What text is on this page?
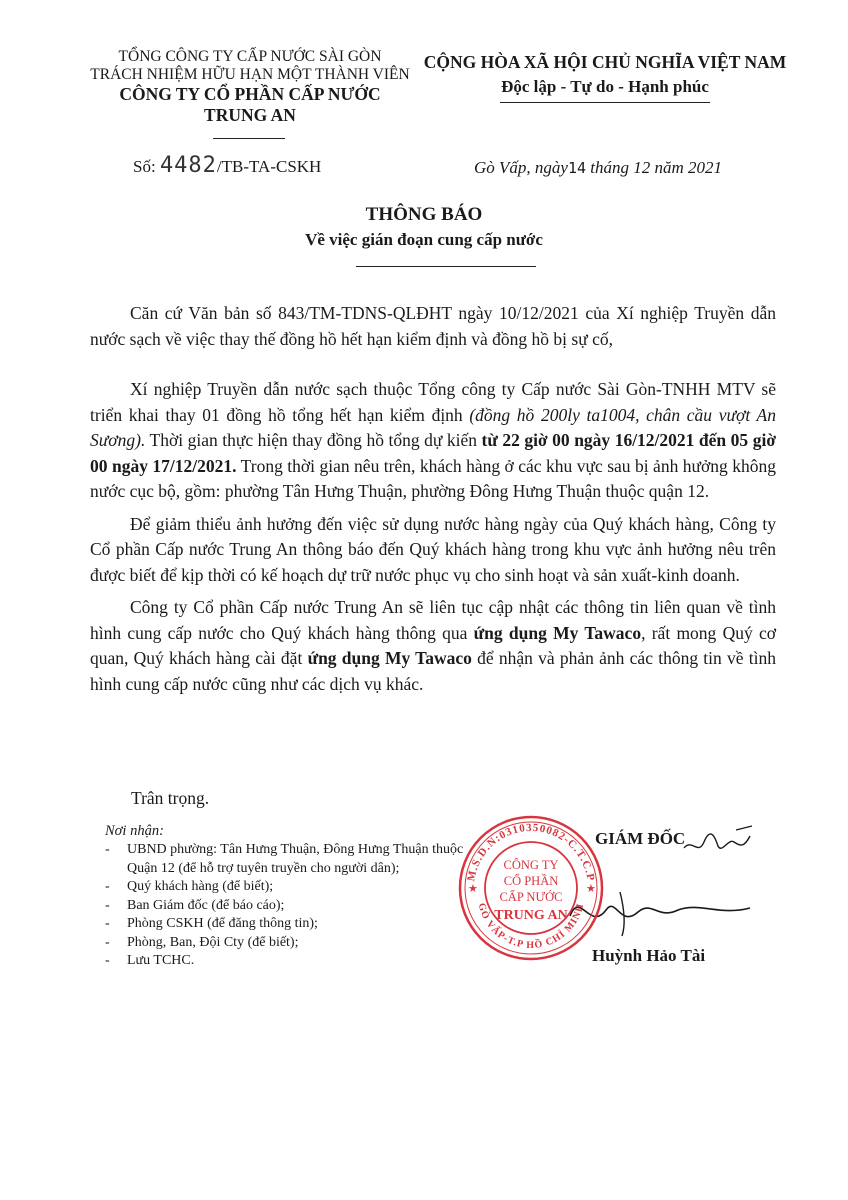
TỔNG CÔNG TY CẤP NƯỚC SÀI GÒN
TRÁCH NHIỆM HỮU HẠN MỘT THÀNH VIÊN
CÔNG TY CỔ PHẦN CẤP NƯỚC
TRUNG AN
CỘNG HÒA XÃ HỘI CHỦ NGHĨA VIỆT NAM
Độc lập - Tự do - Hạnh phúc
Số: 4482/TB-TA-CSKH	Gò Vấp, ngày14 tháng 12 năm 2021
THÔNG BÁO
Về việc gián đoạn cung cấp nước

Căn cứ Văn bản số 843/TM-TDNS-QLĐHT ngày 10/12/2021 của Xí nghiệp Truyền dẫn nước sạch về việc thay thế đồng hồ hết hạn kiểm định và đồng hồ bị sự cố,

Xí nghiệp Truyền dẫn nước sạch thuộc Tổng công ty Cấp nước Sài Gòn-TNHH MTV sẽ triển khai thay 01 đồng hồ tổng hết hạn kiểm định (đồng hồ 200ly ta1004, chân cầu vượt An Sương). Thời gian thực hiện thay đồng hồ tổng dự kiến từ 22 giờ 00 ngày 16/12/2021 đến 05 giờ 00 ngày 17/12/2021. Trong thời gian nêu trên, khách hàng ở các khu vực sau bị ảnh hưởng không nước cục bộ, gồm: phường Tân Hưng Thuận, phường Đông Hưng Thuận thuộc quận 12.

Để giảm thiểu ảnh hưởng đến việc sử dụng nước hàng ngày của Quý khách hàng, Công ty Cổ phần Cấp nước Trung An thông báo đến Quý khách hàng trong khu vực ảnh hưởng nêu trên được biết để kịp thời có kế hoạch dự trữ nước phục vụ cho sinh hoạt và sản xuất-kinh doanh.

Công ty Cổ phần Cấp nước Trung An sẽ liên tục cập nhật các thông tin liên quan về tình hình cung cấp nước cho Quý khách hàng thông qua ứng dụng My Tawaco, rất mong Quý cơ quan, Quý khách hàng cài đặt ứng dụng My Tawaco để nhận và phản ảnh các thông tin về tình hình cung cấp nước cũng như các dịch vụ khác.

Trân trọng.
Nơi nhận:
- UBND phường: Tân Hưng Thuận, Đông Hưng Thuận thuộc Quận 12 (để hỗ trợ tuyên truyền cho người dân);
- Quý khách hàng (để biết);
- Ban Giám đốc (để báo cáo);
- Phòng CSKH (để đăng thông tin);
- Phòng, Ban, Đội Cty (để biết);
- Lưu TCHC.
GIÁM ĐỐC
Huỳnh Hảo Tài
M.S.D.N:0310350082-C.T.C.P
GÒ VẤP-T.P HỒ CHÍ MINH
★	★
CÔNG TY
CỔ PHẦN
CẤP NƯỚC
TRUNG AN
